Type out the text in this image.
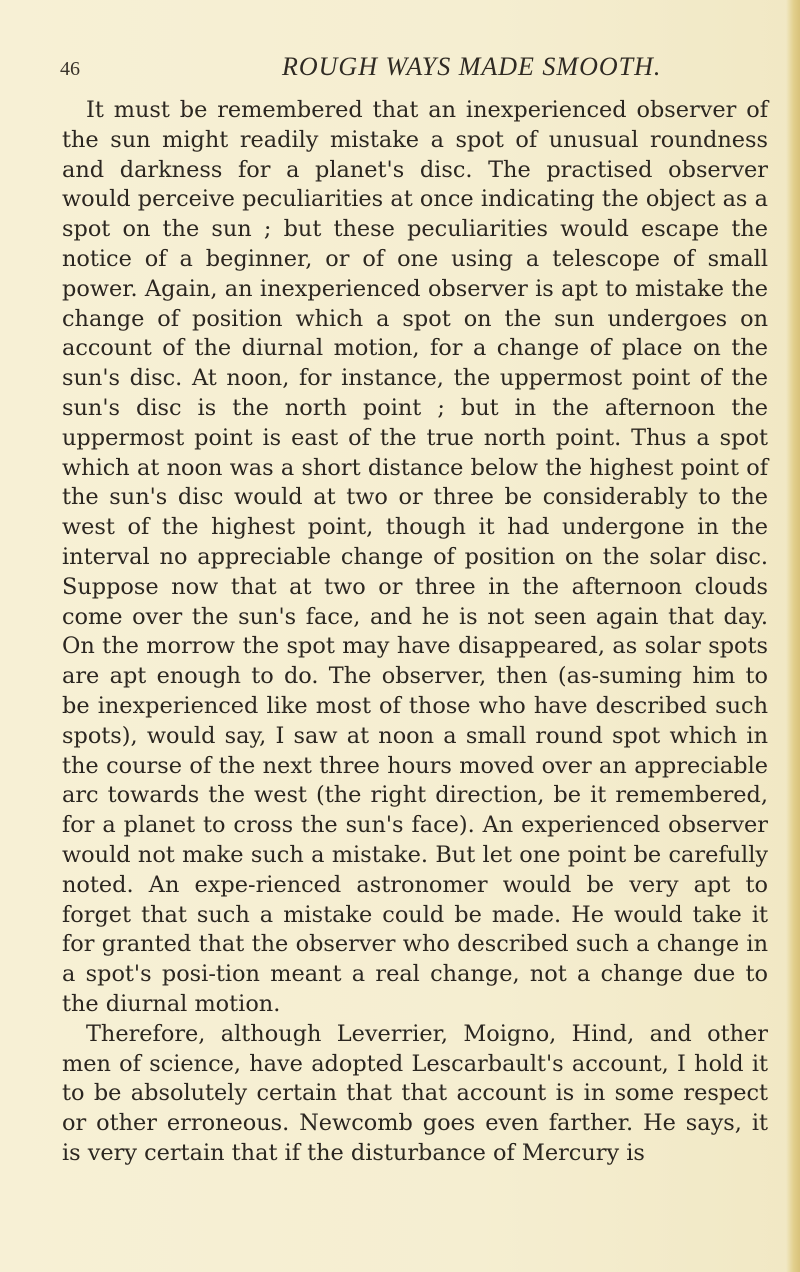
46	ROUGH WAYS MADE SMOOTH.

It must be remembered that an inexperienced observer of the sun might readily mistake a spot of unusual roundness and darkness for a planet's disc. The practised observer would perceive peculiarities at once indicating the object as a spot on the sun ; but these peculiarities would escape the notice of a beginner, or of one using a telescope of small power. Again, an inexperienced observer is apt to mistake the change of position which a spot on the sun undergoes on account of the diurnal motion, for a change of place on the sun's disc. At noon, for instance, the uppermost point of the sun's disc is the north point ; but in the afternoon the uppermost point is east of the true north point. Thus a spot which at noon was a short distance below the highest point of the sun's disc would at two or three be considerably to the west of the highest point, though it had undergone in the interval no appreciable change of position on the solar disc. Suppose now that at two or three in the afternoon clouds come over the sun's face, and he is not seen again that day. On the morrow the spot may have disappeared, as solar spots are apt enough to do. The observer, then (as-suming him to be inexperienced like most of those who have described such spots), would say, I saw at noon a small round spot which in the course of the next three hours moved over an appreciable arc towards the west (the right direction, be it remembered, for a planet to cross the sun's face). An experienced observer would not make such a mistake. But let one point be carefully noted. An expe-rienced astronomer would be very apt to forget that such a mistake could be made. He would take it for granted that the observer who described such a change in a spot's posi-tion meant a real change, not a change due to the diurnal motion.

Therefore, although Leverrier, Moigno, Hind, and other men of science, have adopted Lescarbault's account, I hold it to be absolutely certain that that account is in some respect or other erroneous. Newcomb goes even farther. He says, it is very certain that if the disturbance of Mercury is
